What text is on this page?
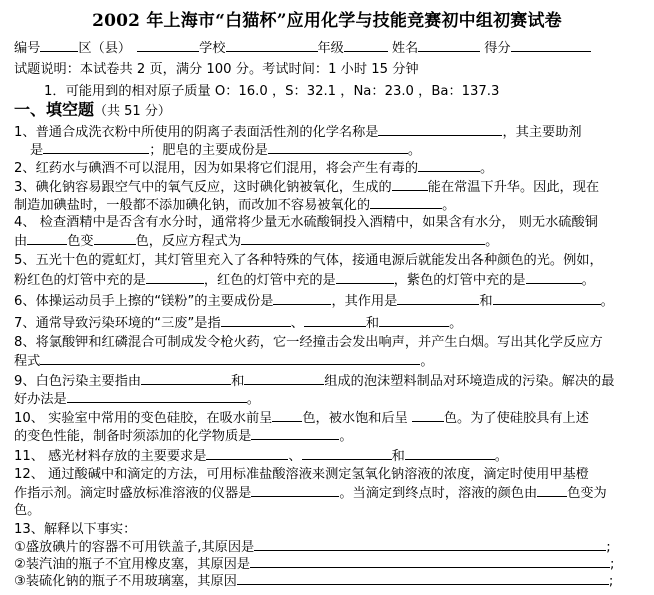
2002 年上海市“白猫杯”应用化学与技能竞赛初中组初赛试卷
编号	区（县）	学校	年级	姓名	得分
试题说明：本试卷共 2 页，满分 100 分。考试时间：1 小时 15 分钟
1．可能用到的相对原子质量 O：16.0 ，S：32.1 ，Na：23.0 ，Ba：137.3
一、填空题（共 51 分）
1、普通合成洗衣粉中所使用的阴离子表面活性剂的化学名称是	，其主要助剂
是	；肥皂的主要成份是	。
2、红药水与碘酒不可以混用，因为如果将它们混用，将会产生有毒的	。
3、碘化钠容易跟空气中的氧气反应，这时碘化钠被氧化，生成的	能在常温下升华。因此，现在
制造加碘盐时，一般都不添加碘化钠，而改加不容易被氧化的	。
4、 检查酒精中是否含有水分时，通常将少量无水硫酸铜投入酒精中，如果含有水分， 则无水硫酸铜
由	色变	色，反应方程式为	。
5、五光十色的霓虹灯，其灯管里充入了各种特殊的气体，接通电源后就能发出各种颜色的光。例如，
粉红色的灯管中充的是	，红色的灯管中充的是	，紫色的灯管中充的是	。
6、体操运动员手上擦的“镁粉”的主要成份是	，其作用是	和	。
7、通常导致污染环境的“三废”是指	、	和	。
8、将氯酸钾和红磷混合可制成发令枪火药，它一经撞击会发出响声，并产生白烟。写出其化学反应方
程式	。
9、白色污染主要指由	和	组成的泡沫塑料制品对环境造成的污染。解决的最
好办法是	。
10、 实验室中常用的变色硅胶，在吸水前呈 色，被水饱和后呈	色。为了使硅胶具有上述
的变色性能，制备时须添加的化学物质是	。
11、 感光材料存放的主要要求是	、	和	。
12、 通过酸碱中和滴定的方法，可用标准盐酸溶液来测定氢氧化钠溶液的浓度，滴定时使用甲基橙
作指示剂。滴定时盛放标准溶液的仪器是	。当滴定到终点时，溶液的颜色由 色变为
色。
13、解释以下事实：
①盛放碘片的容器不可用铁盖子,其原因是	;
②装汽油的瓶子不宜用橡皮塞，其原因是	;
③装硫化钠的瓶子不用玻璃塞，其原因	;
